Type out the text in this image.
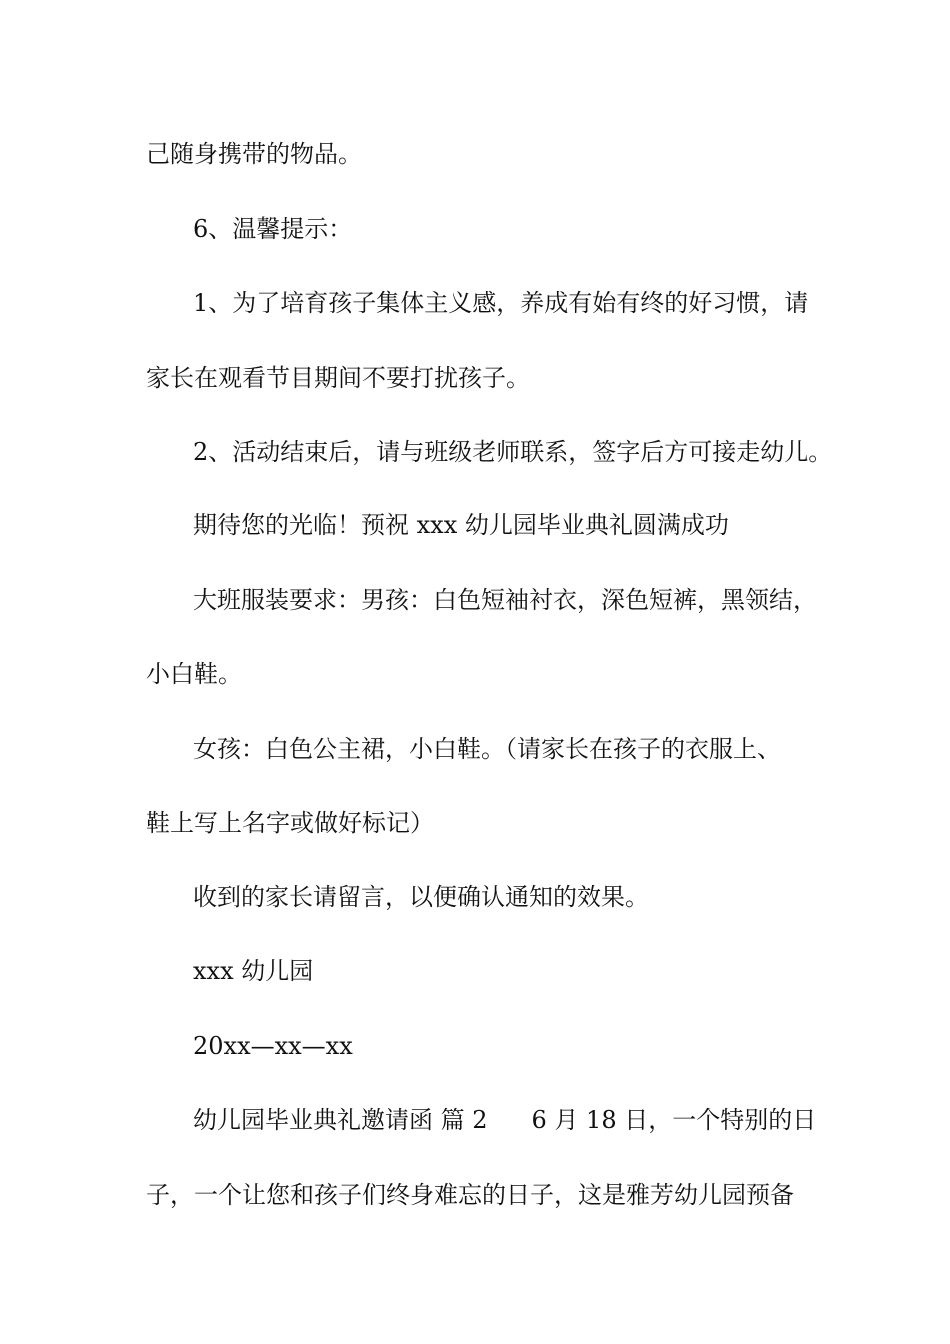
己随身携带的物品。
6、温馨提示：
1、为了培育孩子集体主义感，养成有始有终的好习惯，请
家长在观看节目期间不要打扰孩子。
2、活动结束后，请与班级老师联系，签字后方可接走幼儿。
期待您的光临！预祝 xxx 幼儿园毕业典礼圆满成功
大班服装要求：男孩：白色短袖衬衣，深色短裤，黑领结，
小白鞋。
女孩：白色公主裙，小白鞋。（请家长在孩子的衣服上、
鞋上写上名字或做好标记）
收到的家长请留言，以便确认通知的效果。
xxx 幼儿园
20xx—xx—xx
幼儿园毕业典礼邀请函 篇 2 6 月 18 日，一个特别的日
子，一个让您和孩子们终身难忘的日子，这是雅芳幼儿园预备
